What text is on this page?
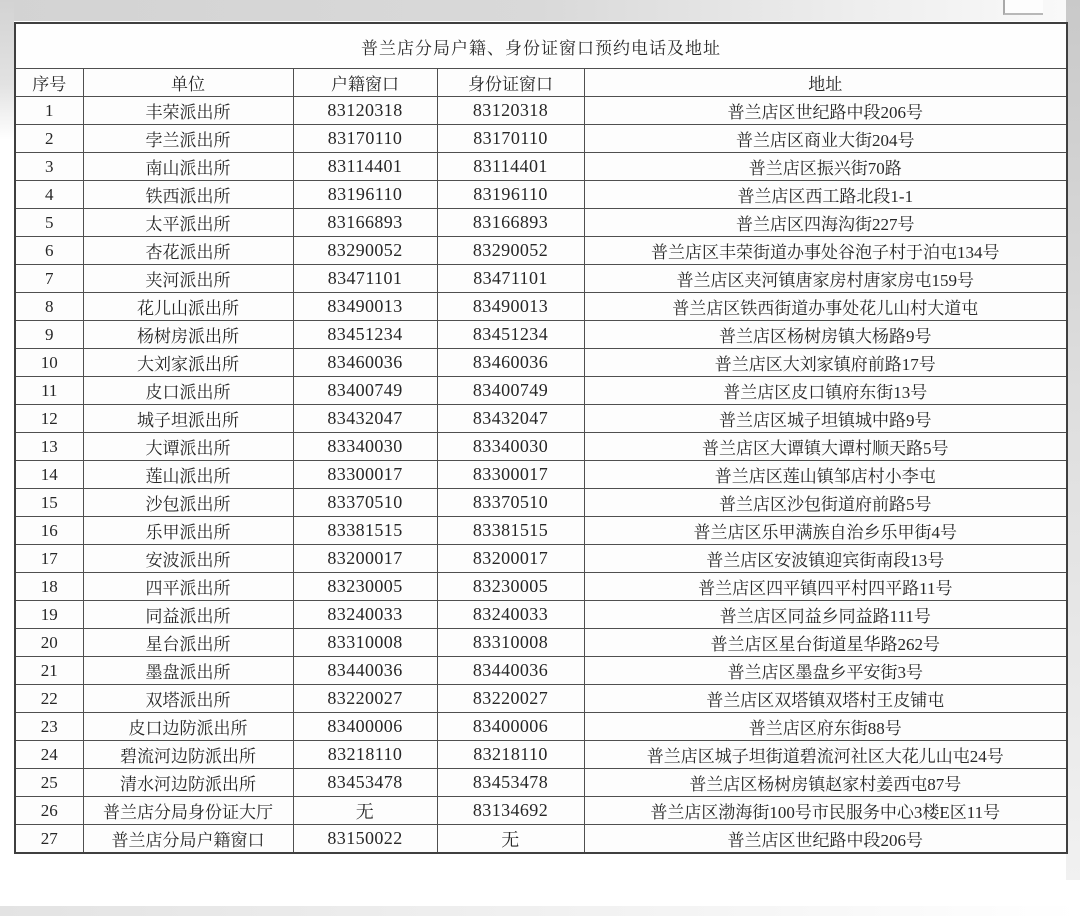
普兰店分局户籍、身份证窗口预约电话及地址				
序号	单位	户籍窗口	身份证窗口	地址
1	丰荣派出所	83120318	83120318	普兰店区世纪路中段206号
2	孛兰派出所	83170110	83170110	普兰店区商业大街204号
3	南山派出所	83114401	83114401	普兰店区振兴街70路
4	铁西派出所	83196110	83196110	普兰店区西工路北段1-1
5	太平派出所	83166893	83166893	普兰店区四海沟街227号
6	杏花派出所	83290052	83290052	普兰店区丰荣街道办事处谷泡子村于泊屯134号
7	夹河派出所	83471101	83471101	普兰店区夹河镇唐家房村唐家房屯159号
8	花儿山派出所	83490013	83490013	普兰店区铁西街道办事处花儿山村大道屯
9	杨树房派出所	83451234	83451234	普兰店区杨树房镇大杨路9号
10	大刘家派出所	83460036	83460036	普兰店区大刘家镇府前路17号
11	皮口派出所	83400749	83400749	普兰店区皮口镇府东街13号
12	城子坦派出所	83432047	83432047	普兰店区城子坦镇城中路9号
13	大谭派出所	83340030	83340030	普兰店区大谭镇大谭村顺天路5号
14	莲山派出所	83300017	83300017	普兰店区莲山镇邹店村小李屯
15	沙包派出所	83370510	83370510	普兰店区沙包街道府前路5号
16	乐甲派出所	83381515	83381515	普兰店区乐甲满族自治乡乐甲街4号
17	安波派出所	83200017	83200017	普兰店区安波镇迎宾街南段13号
18	四平派出所	83230005	83230005	普兰店区四平镇四平村四平路11号
19	同益派出所	83240033	83240033	普兰店区同益乡同益路111号
20	星台派出所	83310008	83310008	普兰店区星台街道星华路262号
21	墨盘派出所	83440036	83440036	普兰店区墨盘乡平安街3号
22	双塔派出所	83220027	83220027	普兰店区双塔镇双塔村王皮铺屯
23	皮口边防派出所	83400006	83400006	普兰店区府东街88号
24	碧流河边防派出所	83218110	83218110	普兰店区城子坦街道碧流河社区大花儿山屯24号
25	清水河边防派出所	83453478	83453478	普兰店区杨树房镇赵家村姜西屯87号
26	普兰店分局身份证大厅	无	83134692	普兰店区渤海街100号市民服务中心3楼E区11号
27	普兰店分局户籍窗口	83150022	无	普兰店区世纪路中段206号
